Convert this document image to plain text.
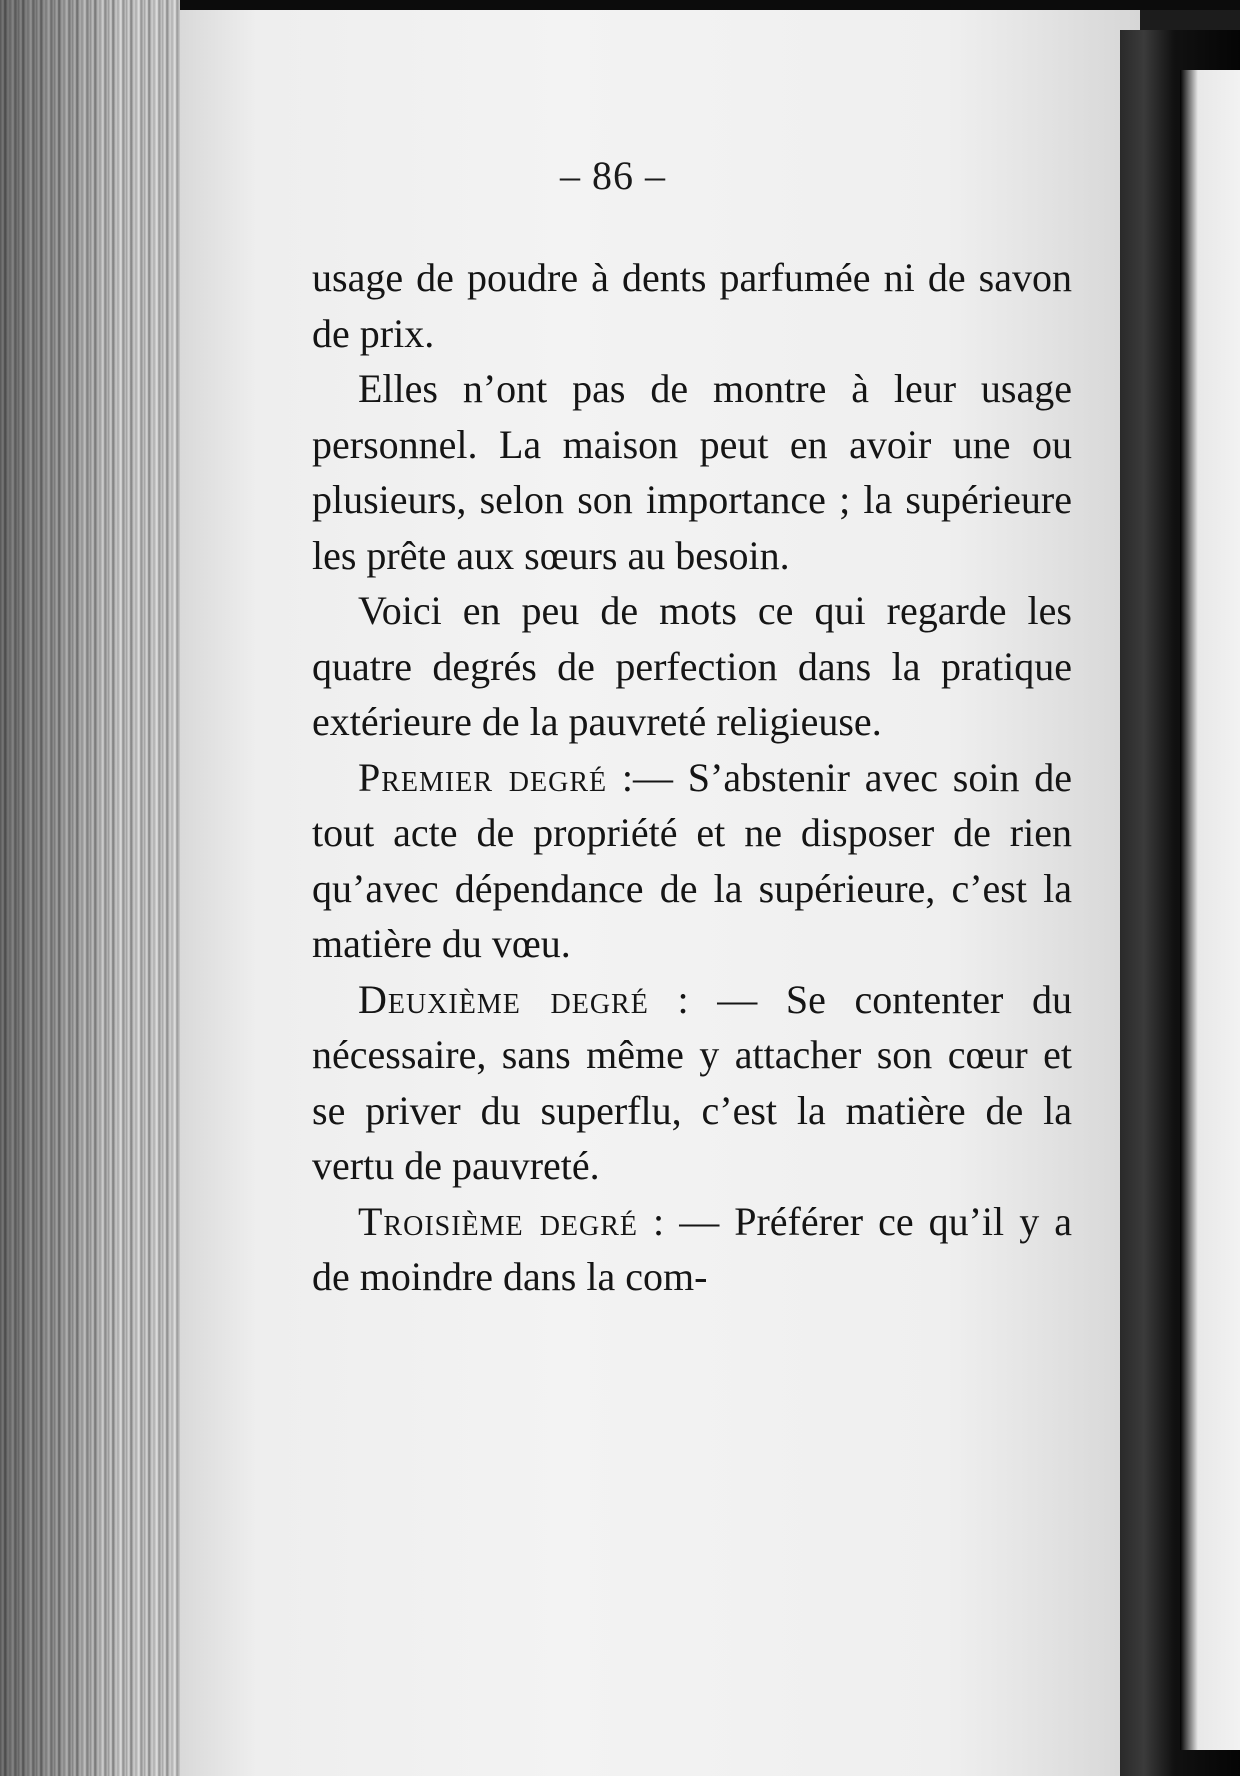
– 86 –

usage de poudre à dents parfumée ni de savon de prix.

Elles n’ont pas de montre à leur usage personnel. La maison peut en avoir une ou plusieurs, selon son importance ; la supérieure les prête aux sœurs au besoin.

Voici en peu de mots ce qui regarde les quatre degrés de perfection dans la pratique extérieure de la pauvreté religieuse.

Premier degré :— S’abstenir avec soin de tout acte de propriété et ne disposer de rien qu’avec dépendance de la supérieure, c’est la matière du vœu.

Deuxième degré : — Se contenter du nécessaire, sans même y attacher son cœur et se priver du superflu, c’est la matière de la vertu de pauvreté.

Troisième degré : — Préférer ce qu’il y a de moindre dans la com-
